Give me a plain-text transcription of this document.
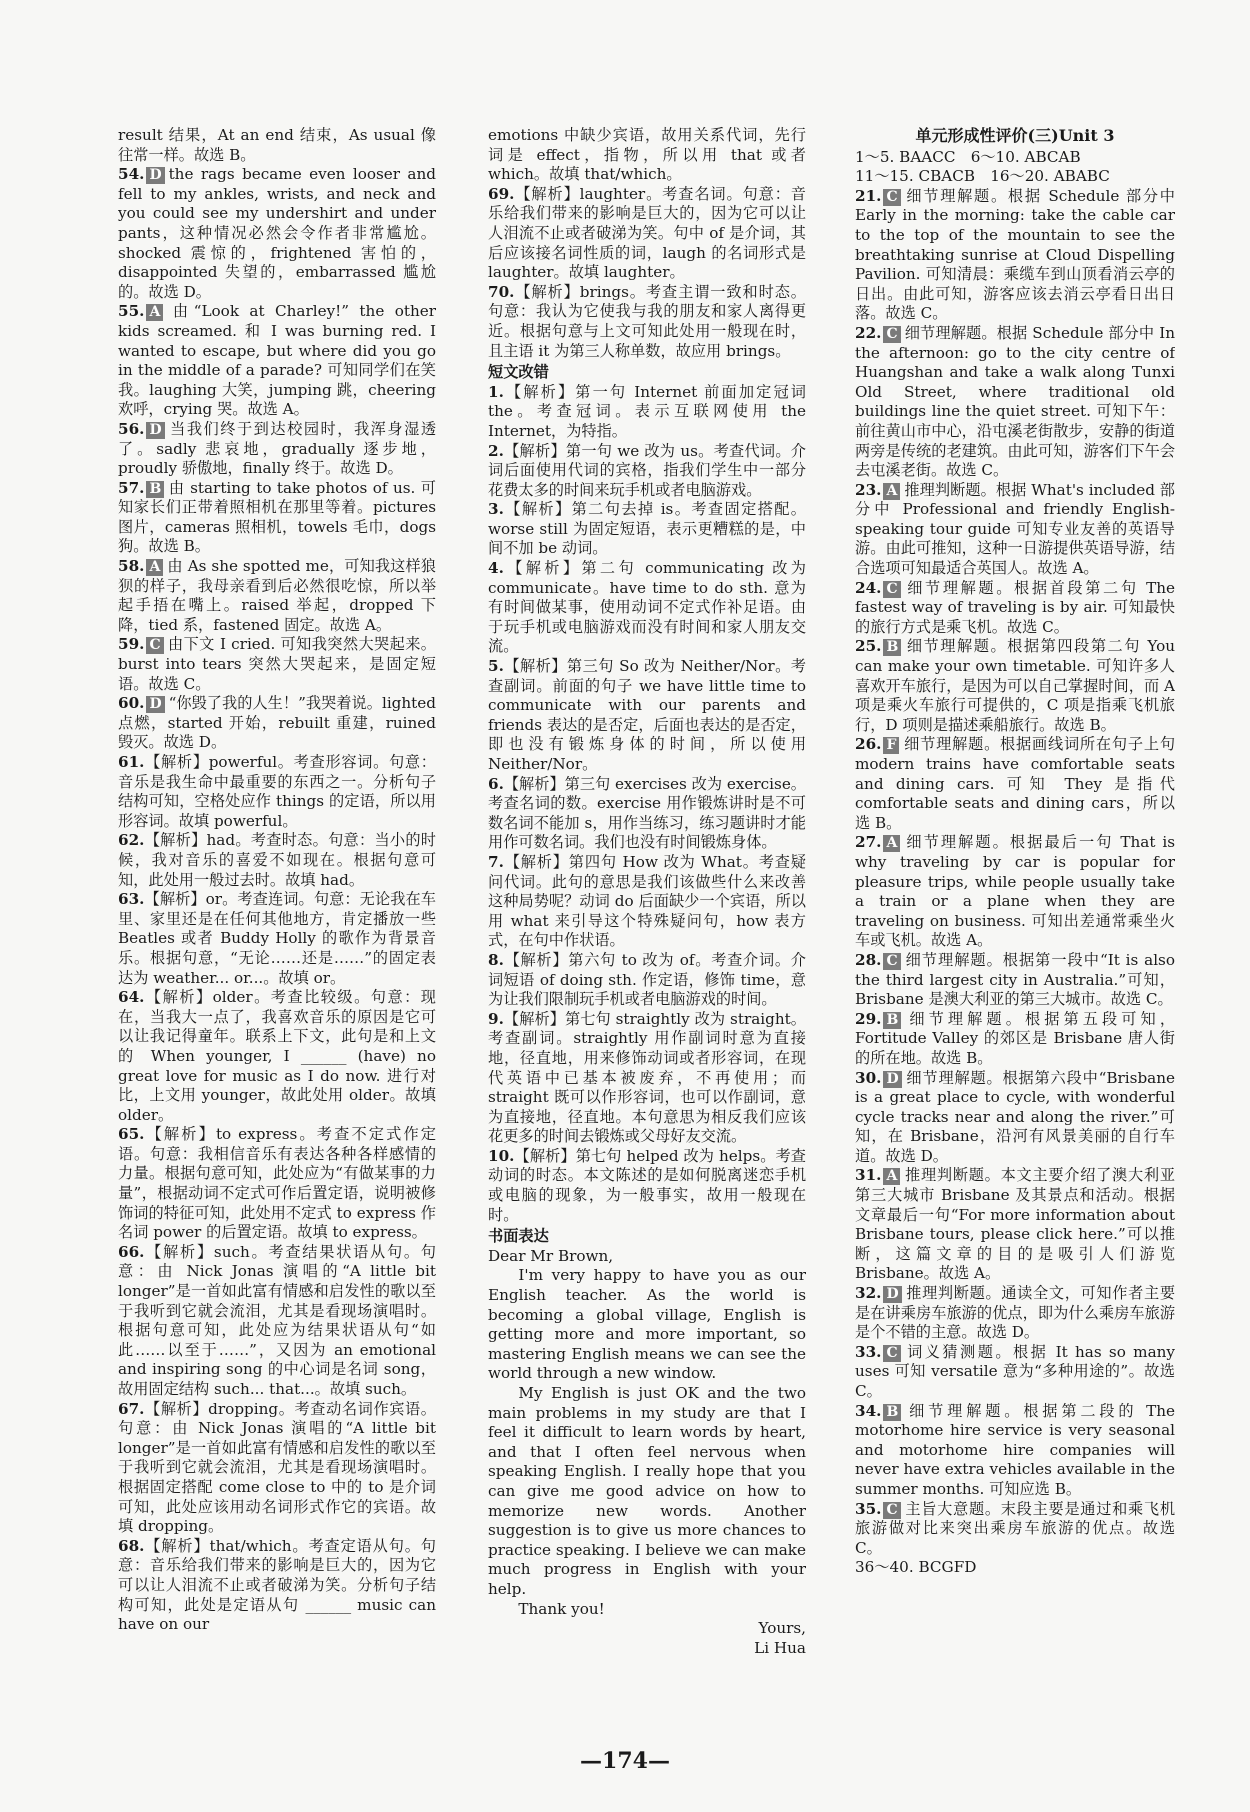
result 结果，At an end 结束，As usual 像往常一样。故选 B。

54. D the rags became even looser and fell to my ankles, wrists, and neck and you could see my undershirt and under pants，这种情况必然会令作者非常尴尬。shocked 震惊的，frightened 害怕的，disappointed 失望的，embarrassed 尴尬的。故选 D。

55. A 由“Look at Charley!” the other kids screamed. 和 I was burning red. I wanted to escape, but where did you go in the middle of a parade? 可知同学们在笑我。laughing 大笑，jumping 跳，cheering 欢呼，crying 哭。故选 A。

56. D 当我们终于到达校园时，我浑身湿透了。sadly 悲哀地，gradually 逐步地，proudly 骄傲地，finally 终于。故选 D。

57. B 由 starting to take photos of us. 可知家长们正带着照相机在那里等着。pictures 图片，cameras 照相机，towels 毛巾，dogs 狗。故选 B。

58. A 由 As she spotted me，可知我这样狼狈的样子，我母亲看到后必然很吃惊，所以举起手捂在嘴上。raised 举起，dropped 下降，tied 系，fastened 固定。故选 A。

59. C 由下文 I cried. 可知我突然大哭起来。burst into tears 突然大哭起来，是固定短语。故选 C。

60. D “你毁了我的人生！”我哭着说。lighted 点燃，started 开始，rebuilt 重建，ruined 毁灭。故选 D。

61.【解析】powerful。考查形容词。句意：音乐是我生命中最重要的东西之一。分析句子结构可知，空格处应作 things 的定语，所以用形容词。故填 powerful。

62.【解析】had。考查时态。句意：当小的时候，我对音乐的喜爱不如现在。根据句意可知，此处用一般过去时。故填 had。

63.【解析】or。考查连词。句意：无论我在车里、家里还是在任何其他地方，肯定播放一些 Beatles 或者 Buddy Holly 的歌作为背景音乐。根据句意，“无论……还是……”的固定表达为 weather... or...。故填 or。

64.【解析】older。考查比较级。句意：现在，当我大一点了，我喜欢音乐的原因是它可以让我记得童年。联系上下文，此句是和上文的 When younger, I ______ (have) no great love for music as I do now. 进行对比，上文用 younger，故此处用 older。故填 older。

65.【解析】to express。考查不定式作定语。句意：我相信音乐有表达各种各样感情的力量。根据句意可知，此处应为“有做某事的力量”，根据动词不定式可作后置定语，说明被修饰词的特征可知，此处用不定式 to express 作名词 power 的后置定语。故填 to express。

66.【解析】such。考查结果状语从句。句意：由 Nick Jonas 演唱的“A little bit longer”是一首如此富有情感和启发性的歌以至于我听到它就会流泪，尤其是看现场演唱时。根据句意可知，此处应为结果状语从句“如此……以至于……”，又因为 an emotional and inspiring song 的中心词是名词 song，故用固定结构 such... that...。故填 such。

67.【解析】dropping。考查动名词作宾语。句意：由 Nick Jonas 演唱的“A little bit longer”是一首如此富有情感和启发性的歌以至于我听到它就会流泪，尤其是看现场演唱时。根据固定搭配 come close to 中的 to 是介词可知，此处应该用动名词形式作它的宾语。故填 dropping。

68.【解析】that/which。考查定语从句。句意：音乐给我们带来的影响是巨大的，因为它可以让人泪流不止或者破涕为笑。分析句子结构可知，此处是定语从句 ______ music can have on our

emotions 中缺少宾语，故用关系代词，先行词是 effect，指物，所以用 that 或者 which。故填 that/which。

69.【解析】laughter。考查名词。句意：音乐给我们带来的影响是巨大的，因为它可以让人泪流不止或者破涕为笑。句中 of 是介词，其后应该接名词性质的词，laugh 的名词形式是 laughter。故填 laughter。

70.【解析】brings。考查主谓一致和时态。句意：我认为它使我与我的朋友和家人离得更近。根据句意与上文可知此处用一般现在时，且主语 it 为第三人称单数，故应用 brings。

短文改错

1.【解析】第一句 Internet 前面加定冠词 the。考查冠词。表示互联网使用 the Internet，为特指。

2.【解析】第一句 we 改为 us。考查代词。介词后面使用代词的宾格，指我们学生中一部分花费太多的时间来玩手机或者电脑游戏。

3.【解析】第二句去掉 is。考查固定搭配。worse still 为固定短语，表示更糟糕的是，中间不加 be 动词。

4.【解析】第二句 communicating 改为 communicate。have time to do sth. 意为有时间做某事，使用动词不定式作补足语。由于玩手机或电脑游戏而没有时间和家人朋友交流。

5.【解析】第三句 So 改为 Neither/Nor。考查副词。前面的句子 we have little time to communicate with our parents and friends 表达的是否定，后面也表达的是否定，即也没有锻炼身体的时间，所以使用 Neither/Nor。

6.【解析】第三句 exercises 改为 exercise。考查名词的数。exercise 用作锻炼讲时是不可数名词不能加 s，用作当练习，练习题讲时才能用作可数名词。我们也没有时间锻炼身体。

7.【解析】第四句 How 改为 What。考查疑问代词。此句的意思是我们该做些什么来改善这种局势呢？动词 do 后面缺少一个宾语，所以用 what 来引导这个特殊疑问句，how 表方式，在句中作状语。

8.【解析】第六句 to 改为 of。考查介词。介词短语 of doing sth. 作定语，修饰 time，意为让我们限制玩手机或者电脑游戏的时间。

9.【解析】第七句 straightly 改为 straight。考查副词。straightly 用作副词时意为直接地，径直地，用来修饰动词或者形容词，在现代英语中已基本被废弃，不再使用；而 straight 既可以作形容词，也可以作副词，意为直接地，径直地。本句意思为相反我们应该花更多的时间去锻炼或父母好友交流。

10.【解析】第七句 helped 改为 helps。考查动词的时态。本文陈述的是如何脱离迷恋手机或电脑的现象，为一般事实，故用一般现在时。

书面表达

Dear Mr Brown,

I'm very happy to have you as our English teacher. As the world is becoming a global village, English is getting more and more important, so mastering English means we can see the world through a new window.

My English is just OK and the two main problems in my study are that I feel it difficult to learn words by heart, and that I often feel nervous when speaking English. I really hope that you can give me good advice on how to memorize new words. Another suggestion is to give us more chances to practice speaking. I believe we can make much progress in English with your help.

Thank you!

Yours,

Li Hua

单元形成性评价(三)Unit 3

1～5. BAACC　6～10. ABCAB

11～15. CBACB　16～20. ABABC

21. C 细节理解题。根据 Schedule 部分中 Early in the morning: take the cable car to the top of the mountain to see the breathtaking sunrise at Cloud Dispelling Pavilion. 可知清晨：乘缆车到山顶看消云亭的日出。由此可知，游客应该去消云亭看日出日落。故选 C。

22. C 细节理解题。根据 Schedule 部分中 In the afternoon: go to the city centre of Huangshan and take a walk along Tunxi Old Street, where traditional old buildings line the quiet street. 可知下午：前往黄山市中心，沿屯溪老街散步，安静的街道两旁是传统的老建筑。由此可知，游客们下午会去屯溪老街。故选 C。

23. A 推理判断题。根据 What's included 部分中 Professional and friendly English-speaking tour guide 可知专业友善的英语导游。由此可推知，这种一日游提供英语导游，结合选项可知最适合英国人。故选 A。

24. C 细节理解题。根据首段第二句 The fastest way of traveling is by air. 可知最快的旅行方式是乘飞机。故选 C。

25. B 细节理解题。根据第四段第二句 You can make your own timetable. 可知许多人喜欢开车旅行，是因为可以自己掌握时间，而 A 项是乘火车旅行可提供的，C 项是指乘飞机旅行，D 项则是描述乘船旅行。故选 B。

26. F 细节理解题。根据画线词所在句子上句 modern trains have comfortable seats and dining cars. 可知 They 是指代 comfortable seats and dining cars，所以选 B。

27. A 细节理解题。根据最后一句 That is why traveling by car is popular for pleasure trips, while people usually take a train or a plane when they are traveling on business. 可知出差通常乘坐火车或飞机。故选 A。

28. C 细节理解题。根据第一段中“It is also the third largest city in Australia.”可知，Brisbane 是澳大利亚的第三大城市。故选 C。

29. B 细节理解题。根据第五段可知，Fortitude Valley 的郊区是 Brisbane 唐人街的所在地。故选 B。

30. D 细节理解题。根据第六段中“Brisbane is a great place to cycle, with wonderful cycle tracks near and along the river.”可知，在 Brisbane，沿河有风景美丽的自行车道。故选 D。

31. A 推理判断题。本文主要介绍了澳大利亚第三大城市 Brisbane 及其景点和活动。根据文章最后一句“For more information about Brisbane tours, please click here.”可以推断，这篇文章的目的是吸引人们游览 Brisbane。故选 A。

32. D 推理判断题。通读全文，可知作者主要是在讲乘房车旅游的优点，即为什么乘房车旅游是个不错的主意。故选 D。

33. C 词义猜测题。根据 It has so many uses 可知 versatile 意为“多种用途的”。故选 C。

34. B 细节理解题。根据第二段的 The motorhome hire service is very seasonal and motorhome hire companies will never have extra vehicles available in the summer months. 可知应选 B。

35. C 主旨大意题。末段主要是通过和乘飞机旅游做对比来突出乘房车旅游的优点。故选 C。

36～40. BCGFD

—174—
